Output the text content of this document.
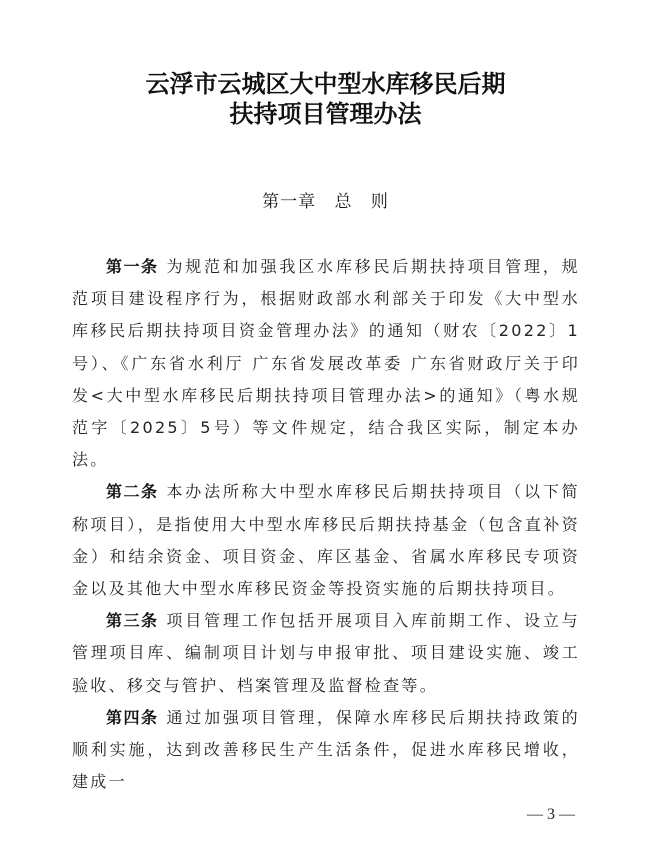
云浮市云城区大中型水库移民后期
扶持项目管理办法
第一章 总 则

第一条 为规范和加强我区水库移民后期扶持项目管理，规范项目建设程序行为，根据财政部水利部关于印发《大中型水库移民后期扶持项目资金管理办法》的通知（财农〔2022〕1号）、《广东省水利厅 广东省发展改革委 广东省财政厅关于印发<大中型水库移民后期扶持项目管理办法>的通知》（粤水规范字〔2025〕5号）等文件规定，结合我区实际，制定本办法。

第二条 本办法所称大中型水库移民后期扶持项目（以下简称项目），是指使用大中型水库移民后期扶持基金（包含直补资金）和结余资金、项目资金、库区基金、省属水库移民专项资金以及其他大中型水库移民资金等投资实施的后期扶持项目。

第三条 项目管理工作包括开展项目入库前期工作、设立与管理项目库、编制项目计划与申报审批、项目建设实施、竣工验收、移交与管护、档案管理及监督检查等。

第四条 通过加强项目管理，保障水库移民后期扶持政策的顺利实施，达到改善移民生产生活条件，促进水库移民增收，建成一

— 3 —
